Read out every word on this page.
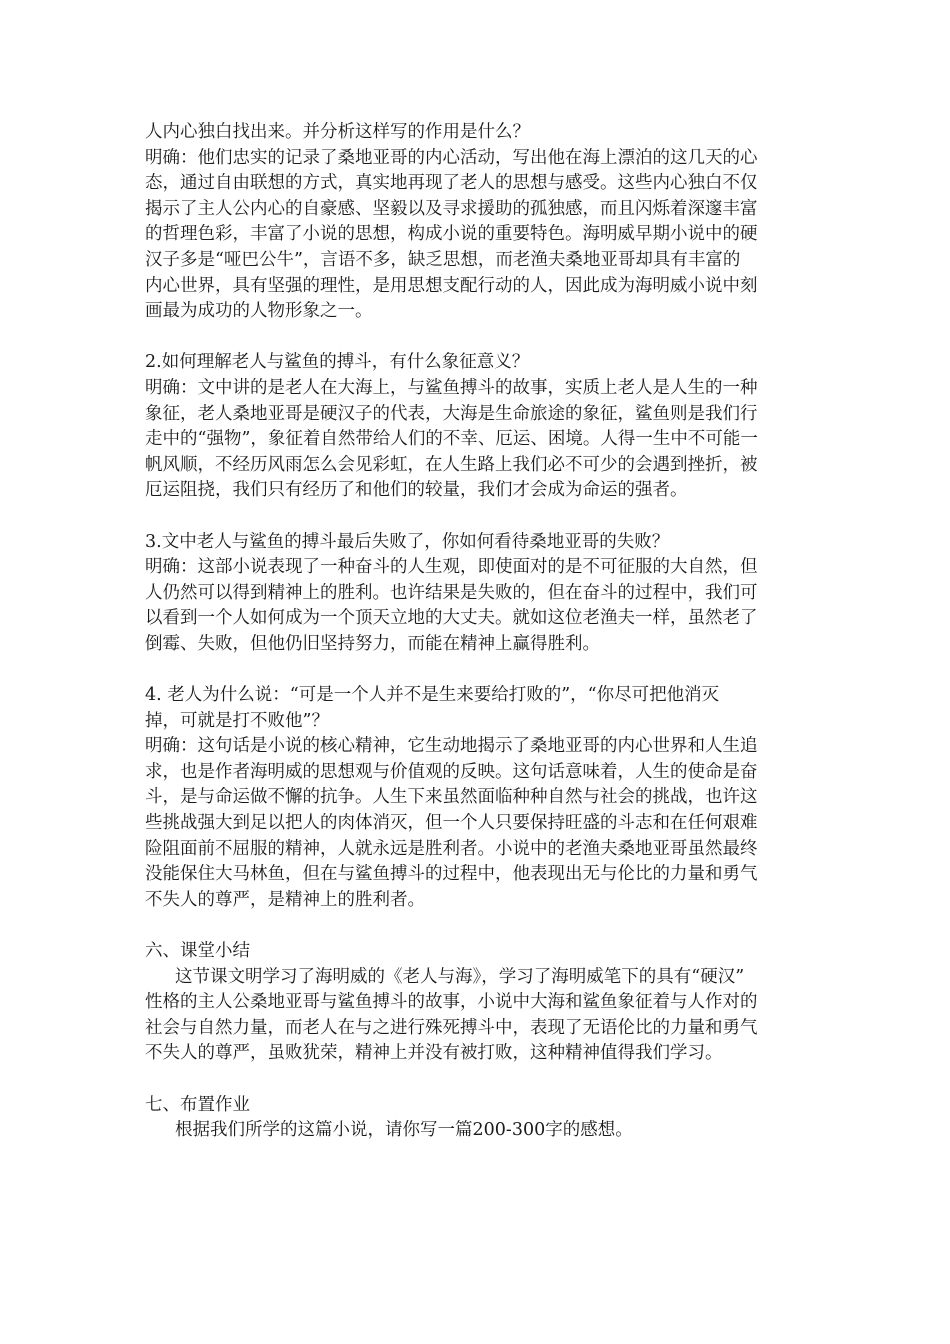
人内心独白找出来。并分析这样写的作用是什么？

明确：他们忠实的记录了桑地亚哥的内心活动，写出他在海上漂泊的这几天的心

态，通过自由联想的方式，真实地再现了老人的思想与感受。这些内心独白不仅

揭示了主人公内心的自豪感、坚毅以及寻求援助的孤独感，而且闪烁着深邃丰富

的哲理色彩，丰富了小说的思想，构成小说的重要特色。海明威早期小说中的硬

汉子多是“哑巴公牛”，言语不多，缺乏思想，而老渔夫桑地亚哥却具有丰富的

内心世界，具有坚强的理性，是用思想支配行动的人，因此成为海明威小说中刻

画最为成功的人物形象之一。

2.如何理解老人与鲨鱼的搏斗，有什么象征意义？

明确：文中讲的是老人在大海上，与鲨鱼搏斗的故事，实质上老人是人生的一种

象征，老人桑地亚哥是硬汉子的代表，大海是生命旅途的象征，鲨鱼则是我们行

走中的“强物”，象征着自然带给人们的不幸、厄运、困境。人得一生中不可能一

帆风顺，不经历风雨怎么会见彩虹，在人生路上我们必不可少的会遇到挫折，被

厄运阻挠，我们只有经历了和他们的较量，我们才会成为命运的强者。

3.文中老人与鲨鱼的搏斗最后失败了，你如何看待桑地亚哥的失败？

明确：这部小说表现了一种奋斗的人生观，即使面对的是不可征服的大自然，但

人仍然可以得到精神上的胜利。也许结果是失败的，但在奋斗的过程中，我们可

以看到一个人如何成为一个顶天立地的大丈夫。就如这位老渔夫一样，虽然老了

倒霉、失败，但他仍旧坚持努力，而能在精神上赢得胜利。

4. 老人为什么说：“可是一个人并不是生来要给打败的”，“你尽可把他消灭

掉，可就是打不败他”？

明确：这句话是小说的核心精神，它生动地揭示了桑地亚哥的内心世界和人生追

求，也是作者海明威的思想观与价值观的反映。这句话意味着，人生的使命是奋

斗，是与命运做不懈的抗争。人生下来虽然面临种种自然与社会的挑战，也许这

些挑战强大到足以把人的肉体消灭，但一个人只要保持旺盛的斗志和在任何艰难

险阻面前不屈服的精神，人就永远是胜利者。小说中的老渔夫桑地亚哥虽然最终

没能保住大马林鱼，但在与鲨鱼搏斗的过程中，他表现出无与伦比的力量和勇气

不失人的尊严，是精神上的胜利者。

六、课堂小结

这节课文明学习了海明威的《老人与海》，学习了海明威笔下的具有“硬汉”

性格的主人公桑地亚哥与鲨鱼搏斗的故事，小说中大海和鲨鱼象征着与人作对的

社会与自然力量，而老人在与之进行殊死搏斗中，表现了无语伦比的力量和勇气

不失人的尊严，虽败犹荣，精神上并没有被打败，这种精神值得我们学习。

七、布置作业

根据我们所学的这篇小说，请你写一篇200-300字的感想。
